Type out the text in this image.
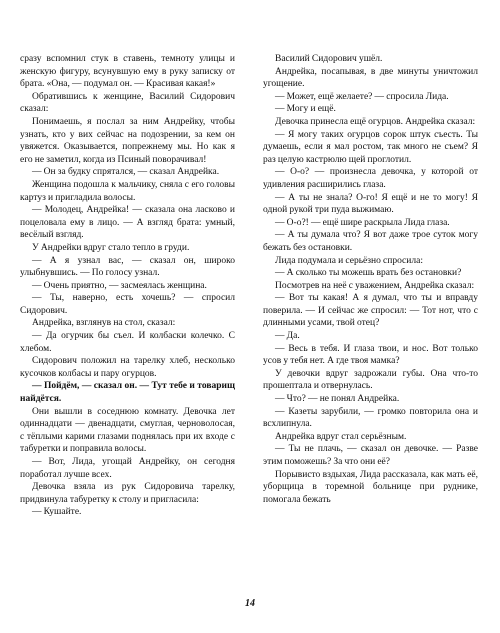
сразу вспомнил стук в ставень, темноту улицы и женскую фигуру, всунувшую ему в руку записку от брата. «Она, — подумал он. — Красивая какая!»
Обратившись к женщине, Василий Сидорович сказал:
Понимаешь, я послал за ним Андрейку, чтобы узнать, кто у вих сейчас на подозрении, за кем он увяжется. Оказывается, попрежнему мы. Но как я его не заметил, когда из Псиный поворачивал!
— Он за будку спрятался, — сказал Андрейка.
Женщина подошла к мальчику, сняла с его головы картуз и пригладила волосы.
— Молодец, Андрейка! — сказала она ласково и поцеловала ему в лицо. — А взгляд брата: умный, весёлый взгляд.
У Андрейки вдруг стало тепло в груди.
— А я узнал вас, — сказал он, широко улыбнувшись. — По голосу узнал.
— Очень приятно, — засмеялась женщина.
— Ты, наверно, есть хочешь? — спросил Сидорович.
Андрейка, взглянув на стол, сказал:
— Да огурчик бы съел. И колбаски колечко. С хлебом.
Сидорович положил на тарелку хлеб, несколько кусочков колбасы и пару огурцов.
— Пойдём, — сказал он. — Тут тебе и товарищ найдётся.
Они вышли в соседнюю комнату. Девочка лет одиннадцати — двенадцати, смуглая, черноволосая, с тёплыми карими глазами поднялась при их входе с табуретки и поправила волосы.
— Вот, Лида, угощай Андрейку, он сегодня поработал лучше всех.
Девочка взяла из рук Сидоровича тарелку, придвинула табуретку к столу и пригласила:
— Кушайте.
Василий Сидорович ушёл.
Андрейка, посапывая, в две минуты уничтожил угощение.
— Может, ещё желаете? — спросила Лида.
— Могу и ещё.
Девочка принесла ещё огурцов. Андрейка сказал:
— Я могу таких огурцов сорок штук съесть. Ты думаешь, если я мал ростом, так много не съем? Я раз целую кастрюлю щей проглотил.
— О-о? — произнесла девочка, у которой от удивления расширились глаза.
— А ты не знала? О-го! Я ещё и не то могу! Я одной рукой три пуда выжимаю.
— О-о?! — ещё шире раскрыла Лида глаза.
— А ты думала что? Я вот даже трое суток могу бежать без остановки.
Лида подумала и серьёзно спросила:
— А сколько ты можешь врать без остановки?
Посмотрев на неё с уважением, Андрейка сказал:
— Вот ты какая! А я думал, что ты и вправду поверила. — И сейчас же спросил: — Тот нот, что с длинными усами, твой отец?
— Да.
— Весь в тебя. И глаза твои, и нос. Вот только усов у тебя нет. А где твоя мамка?
У девочки вдруг задрожали губы. Она что-то прошептала и отвернулась.
— Что? — не понял Андрейка.
— Казеты зарубили, — громко повторила она и всхлипнула.
Андрейка вдруг стал серьёзным.
— Ты не плачь, — сказал он девочке. — Разве этим поможешь? За что они её?
Порывисто вздыхая, Лида рассказала, как мать её, уборщица в торемной больнице при руднике, помогала бежать
14
